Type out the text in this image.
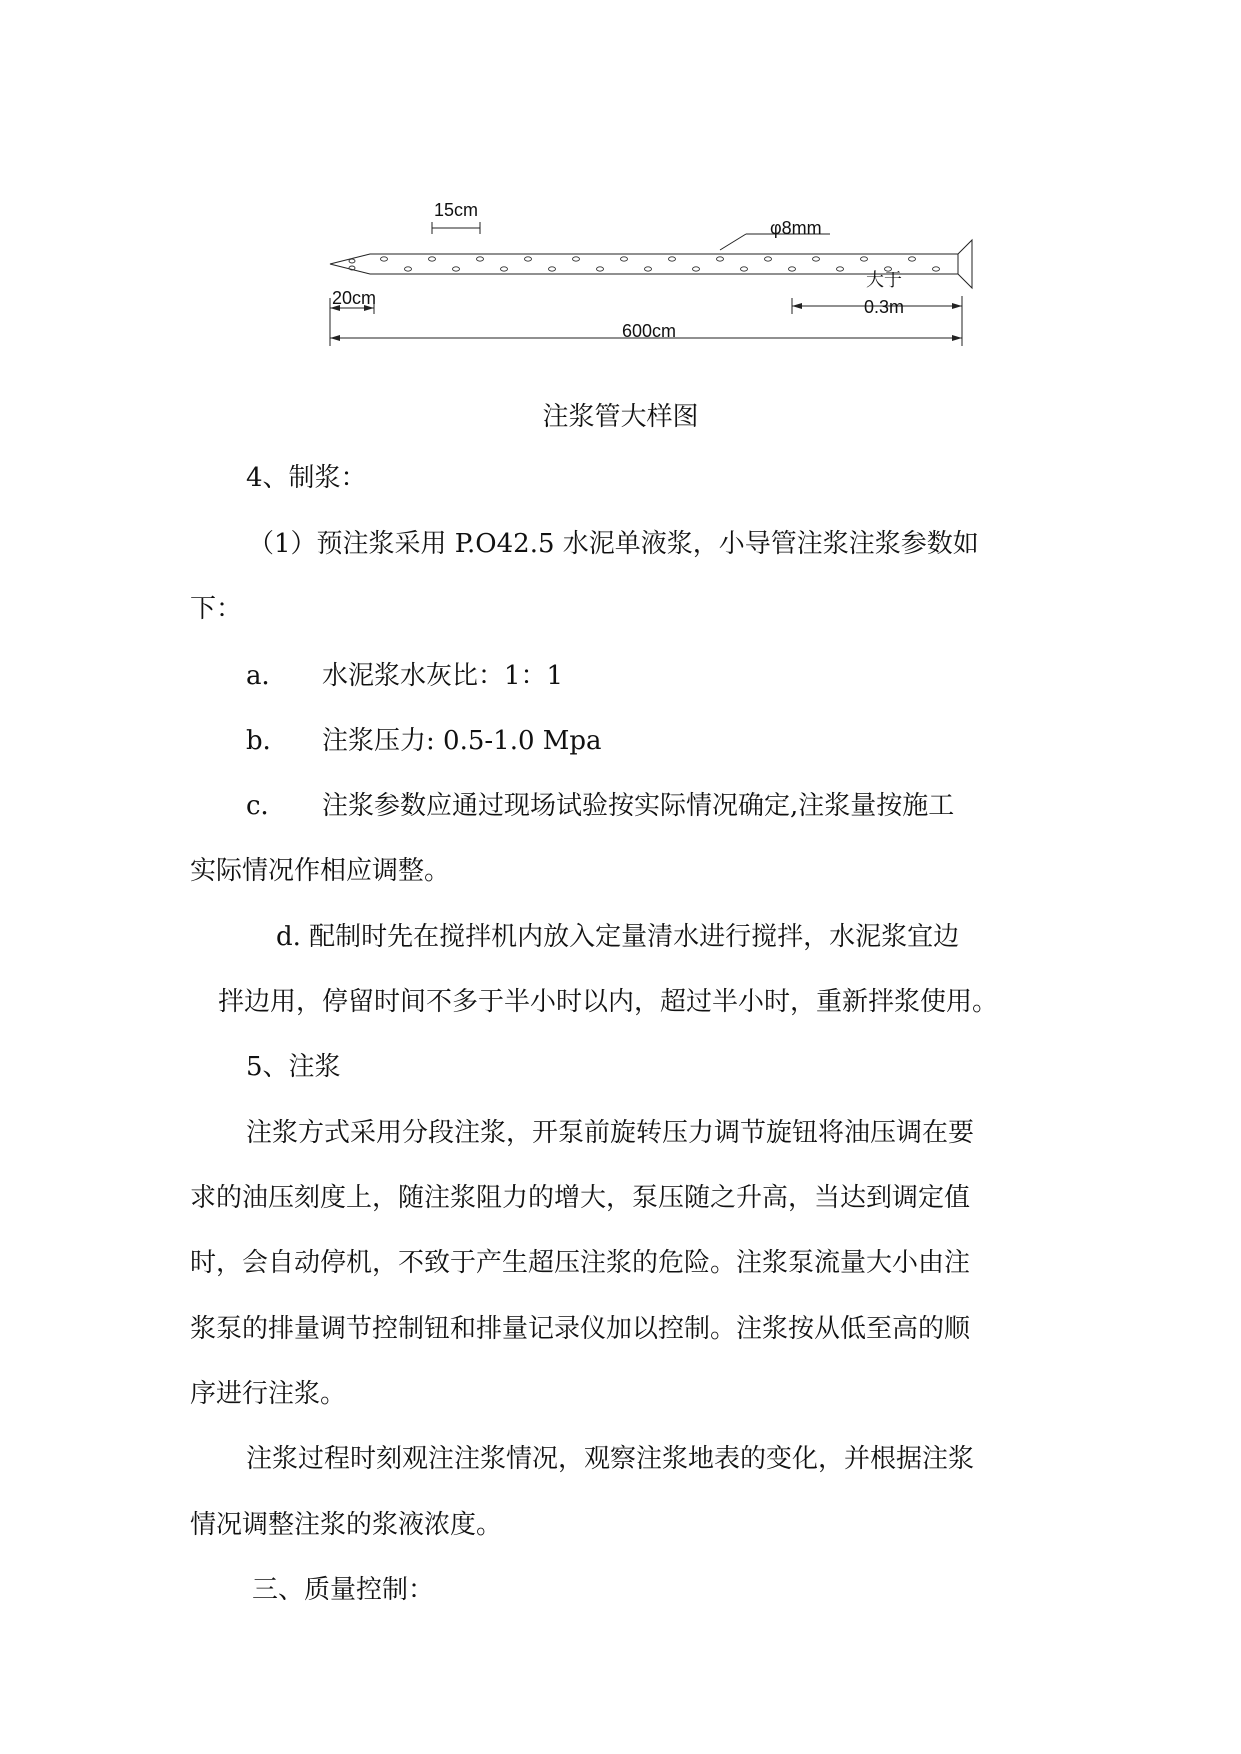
15cm
φ8mm
20cm
大于
0.3m
600cm
注浆管大样图
4、制浆：
（1）预注浆采用 P.O42.5 水泥单液浆，小导管注浆注浆参数如
下：
a． 水泥浆水灰比：1：1
b． 注浆压力: 0.5-1.0 Mpa
c． 注浆参数应通过现场试验按实际情况确定,注浆量按施工
实际情况作相应调整。
d. 配制时先在搅拌机内放入定量清水进行搅拌，水泥浆宜边
拌边用，停留时间不多于半小时以内，超过半小时，重新拌浆使用。
5、注浆
注浆方式采用分段注浆，开泵前旋转压力调节旋钮将油压调在要
求的油压刻度上，随注浆阻力的增大，泵压随之升高，当达到调定值
时，会自动停机，不致于产生超压注浆的危险。注浆泵流量大小由注
浆泵的排量调节控制钮和排量记录仪加以控制。注浆按从低至高的顺
序进行注浆。
注浆过程时刻观注注浆情况，观察注浆地表的变化，并根据注浆
情况调整注浆的浆液浓度。
三、质量控制：
